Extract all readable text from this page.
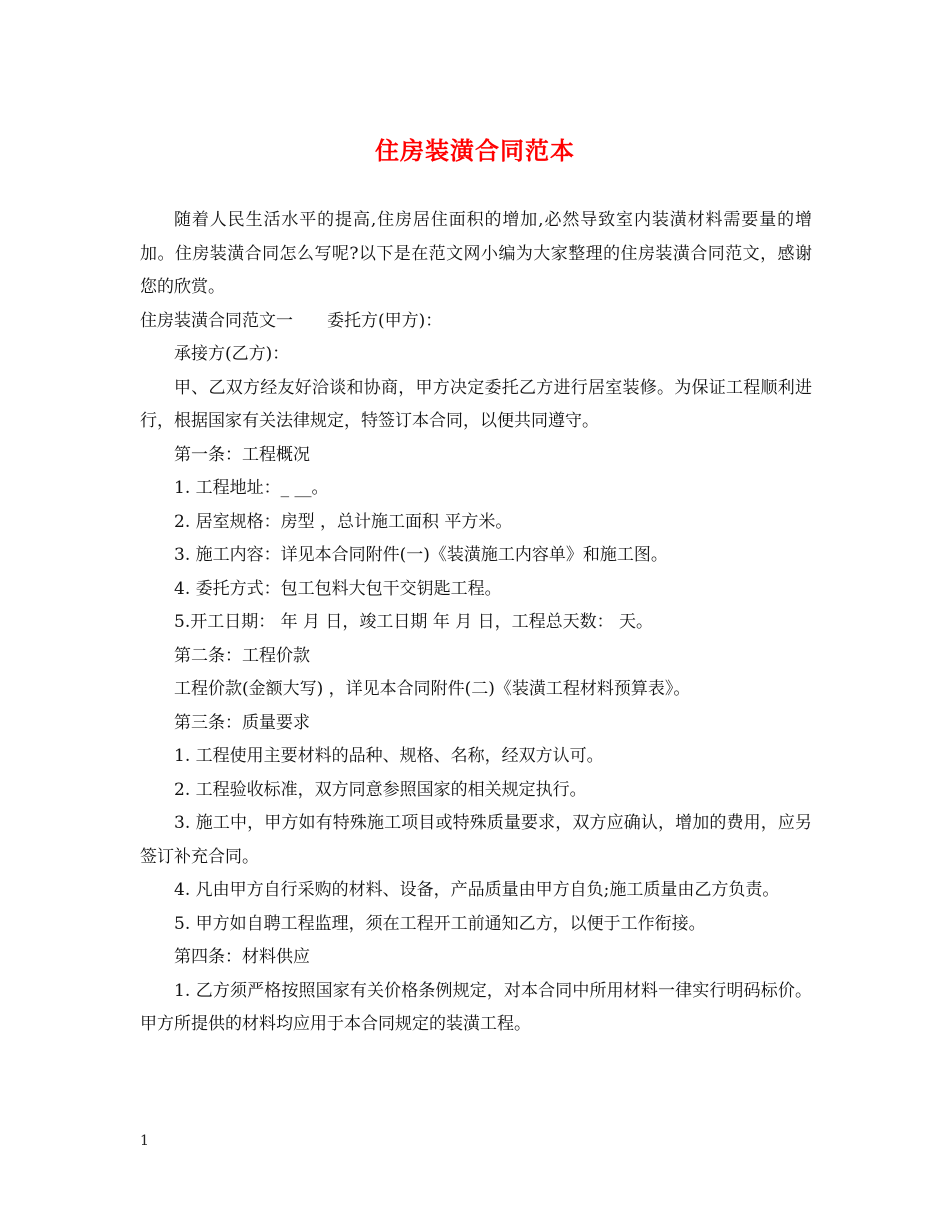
住房装潢合同范本

随着人民生活水平的提高,住房居住面积的增加,必然导致室内装潢材料需要量的增加。住房装潢合同怎么写呢?以下是在范文网小编为大家整理的住房装潢合同范文，感谢您的欣赏。

住房装潢合同范文一　　委托方(甲方)：

承接方(乙方)：

甲、乙双方经友好洽谈和协商，甲方决定委托乙方进行居室装修。为保证工程顺利进行，根据国家有关法律规定，特签订本合同，以便共同遵守。

第一条：工程概况

1. 工程地址：_ __。

2. 居室规格：房型 ，总计施工面积 平方米。

3. 施工内容：详见本合同附件(一)《装潢施工内容单》和施工图。

4. 委托方式：包工包料大包干交钥匙工程。

5.开工日期： 年 月 日，竣工日期 年 月 日，工程总天数： 天。

第二条：工程价款

工程价款(金额大写) ，详见本合同附件(二)《装潢工程材料预算表》。

第三条：质量要求

1. 工程使用主要材料的品种、规格、名称，经双方认可。

2. 工程验收标准，双方同意参照国家的相关规定执行。

3. 施工中，甲方如有特殊施工项目或特殊质量要求，双方应确认，增加的费用，应另签订补充合同。

4. 凡由甲方自行采购的材料、设备，产品质量由甲方自负;施工质量由乙方负责。

5. 甲方如自聘工程监理，须在工程开工前通知乙方，以便于工作衔接。

第四条：材料供应

1. 乙方须严格按照国家有关价格条例规定，对本合同中所用材料一律实行明码标价。甲方所提供的材料均应用于本合同规定的装潢工程。

1
